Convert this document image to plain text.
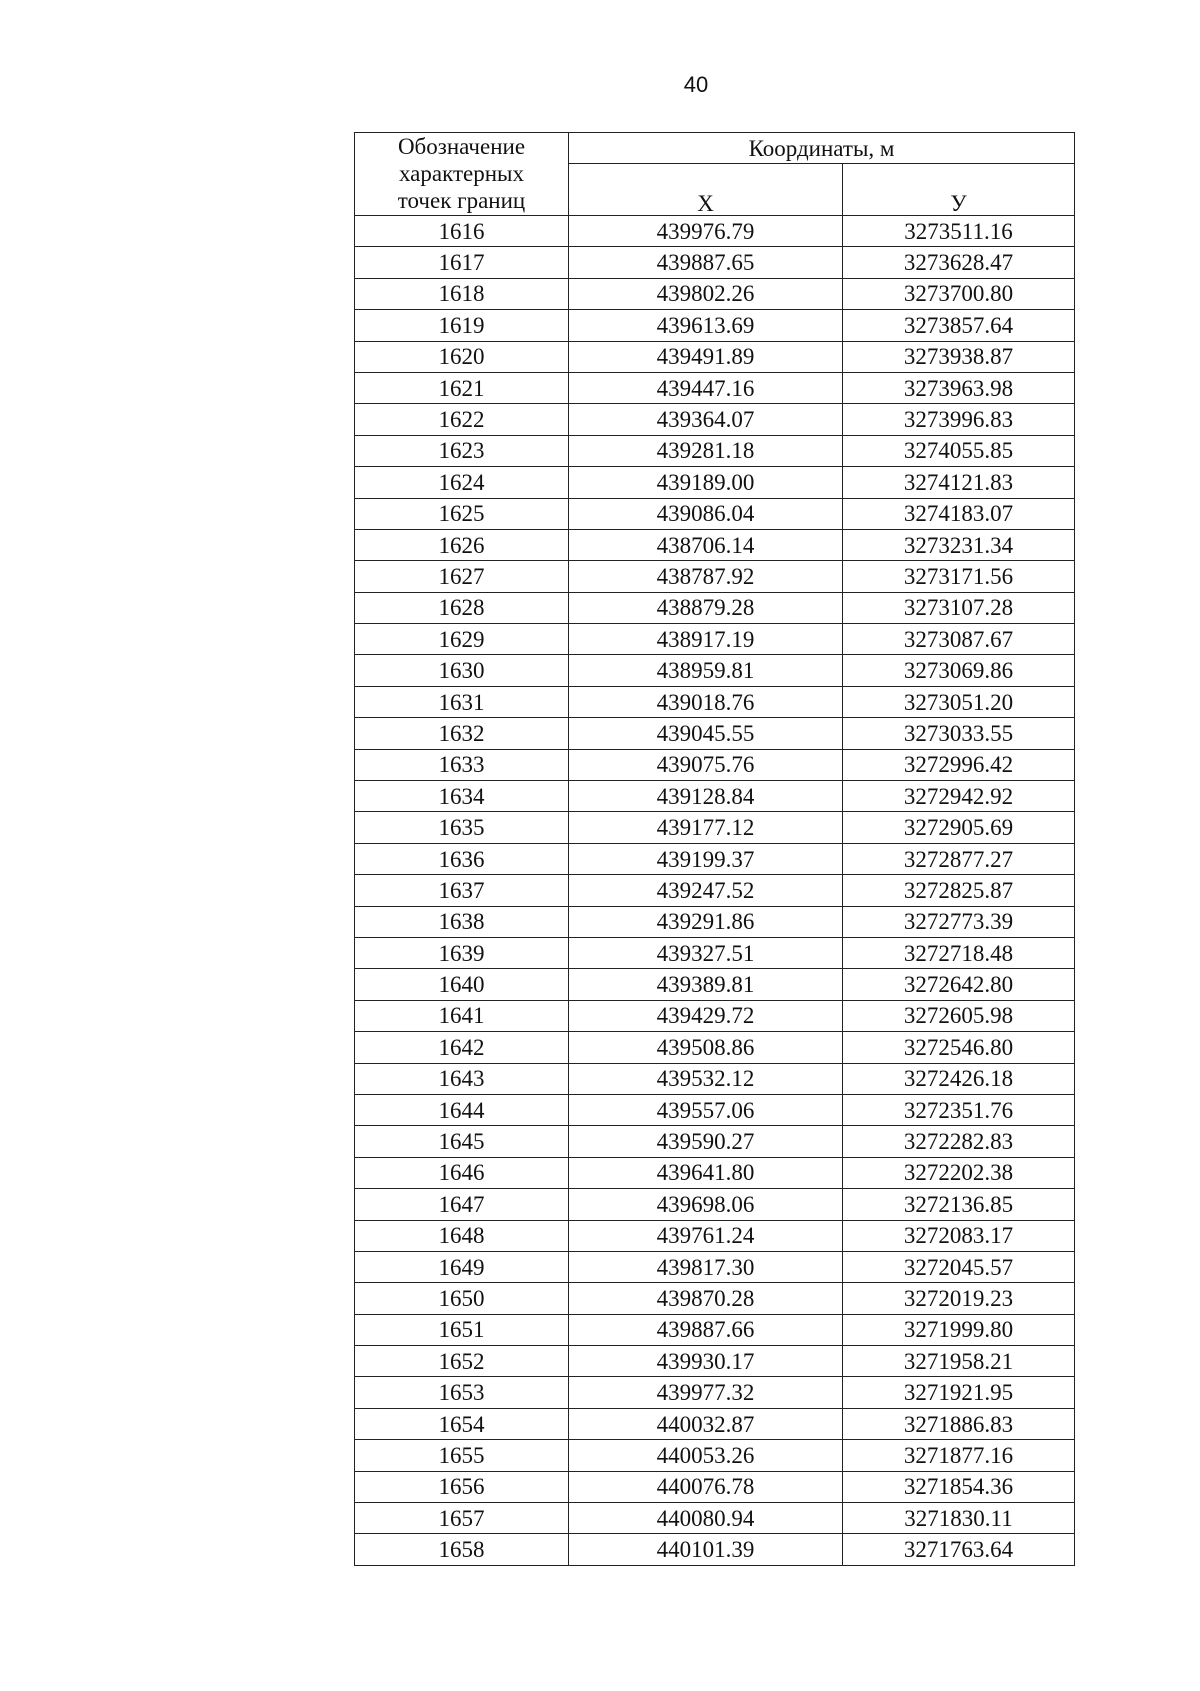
40
Обозначение
характерных
точек границ	Координаты, м	
	Х	У
1616	439976.79	3273511.16
1617	439887.65	3273628.47
1618	439802.26	3273700.80
1619	439613.69	3273857.64
1620	439491.89	3273938.87
1621	439447.16	3273963.98
1622	439364.07	3273996.83
1623	439281.18	3274055.85
1624	439189.00	3274121.83
1625	439086.04	3274183.07
1626	438706.14	3273231.34
1627	438787.92	3273171.56
1628	438879.28	3273107.28
1629	438917.19	3273087.67
1630	438959.81	3273069.86
1631	439018.76	3273051.20
1632	439045.55	3273033.55
1633	439075.76	3272996.42
1634	439128.84	3272942.92
1635	439177.12	3272905.69
1636	439199.37	3272877.27
1637	439247.52	3272825.87
1638	439291.86	3272773.39
1639	439327.51	3272718.48
1640	439389.81	3272642.80
1641	439429.72	3272605.98
1642	439508.86	3272546.80
1643	439532.12	3272426.18
1644	439557.06	3272351.76
1645	439590.27	3272282.83
1646	439641.80	3272202.38
1647	439698.06	3272136.85
1648	439761.24	3272083.17
1649	439817.30	3272045.57
1650	439870.28	3272019.23
1651	439887.66	3271999.80
1652	439930.17	3271958.21
1653	439977.32	3271921.95
1654	440032.87	3271886.83
1655	440053.26	3271877.16
1656	440076.78	3271854.36
1657	440080.94	3271830.11
1658	440101.39	3271763.64
